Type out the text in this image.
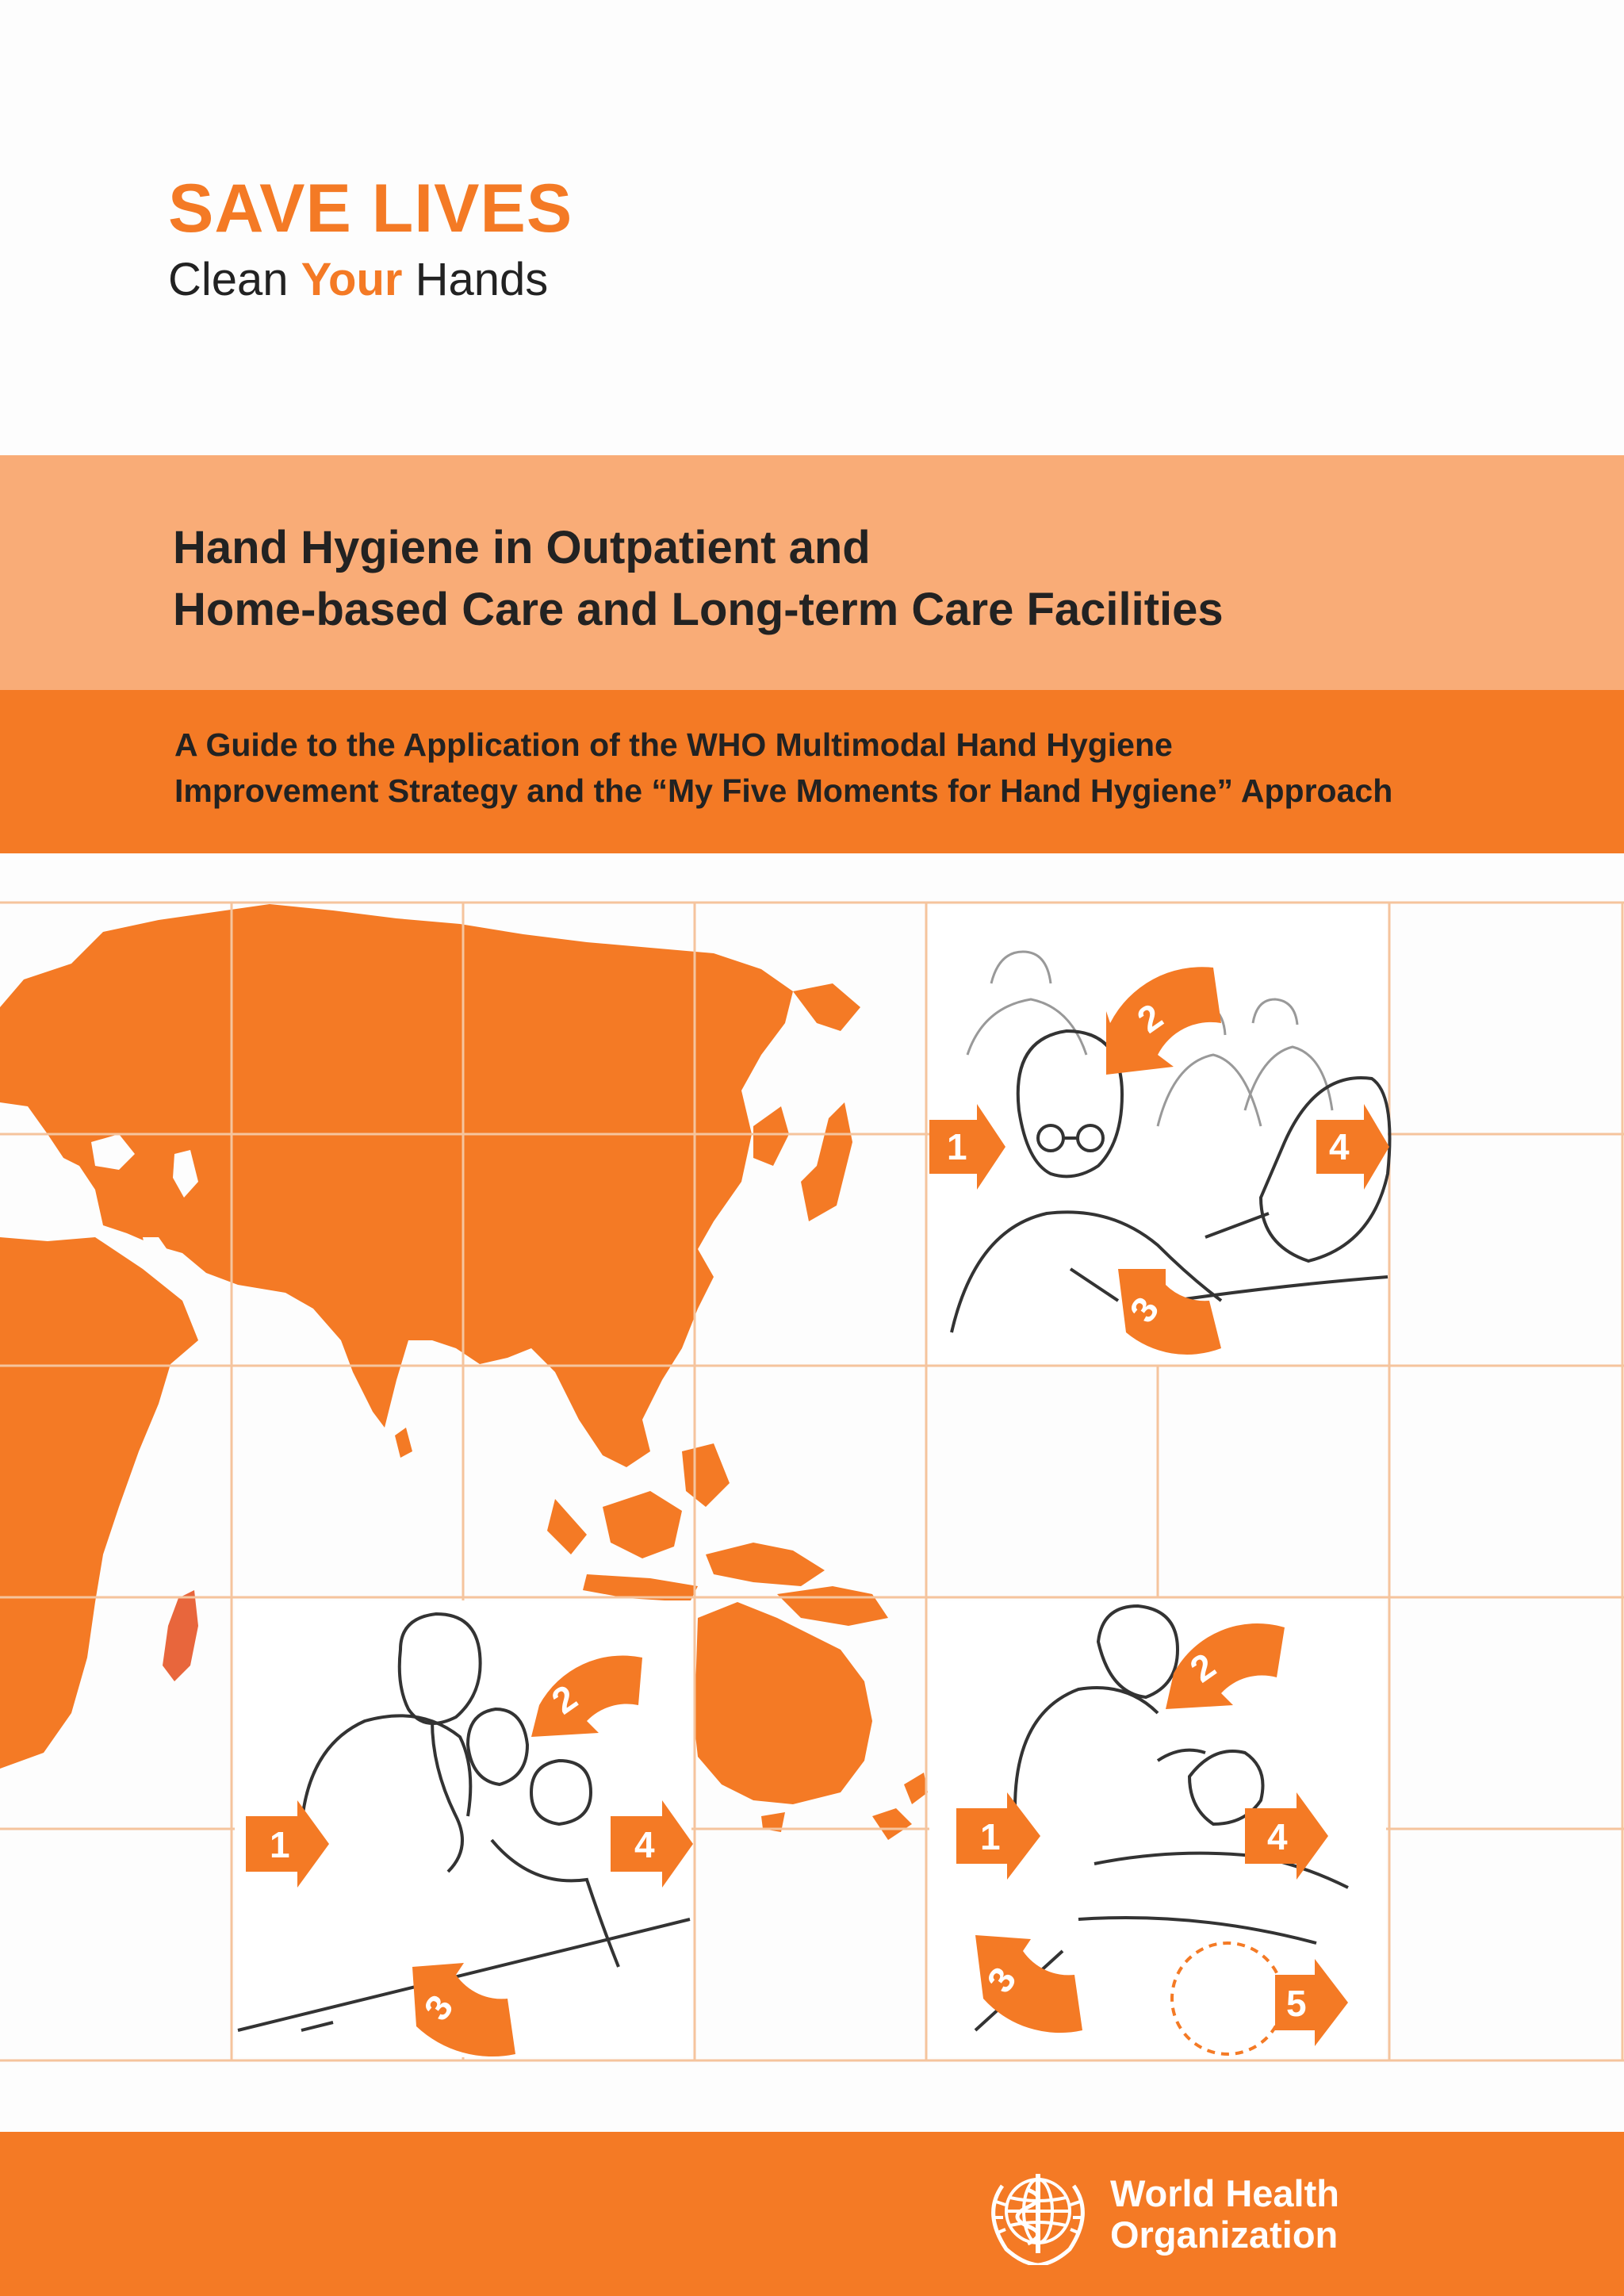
SAVE LIVES
Clean Your Hands
Hand Hygiene in Outpatient and
Home-based Care and Long-term Care Facilities

A Guide to the Application of the WHO Multimodal Hand Hygiene
Improvement Strategy and the “My Five Moments for Hand Hygiene” Approach

1
2
3
4
1
2
3
4	1
2
3
4
5

World Health
Organization
